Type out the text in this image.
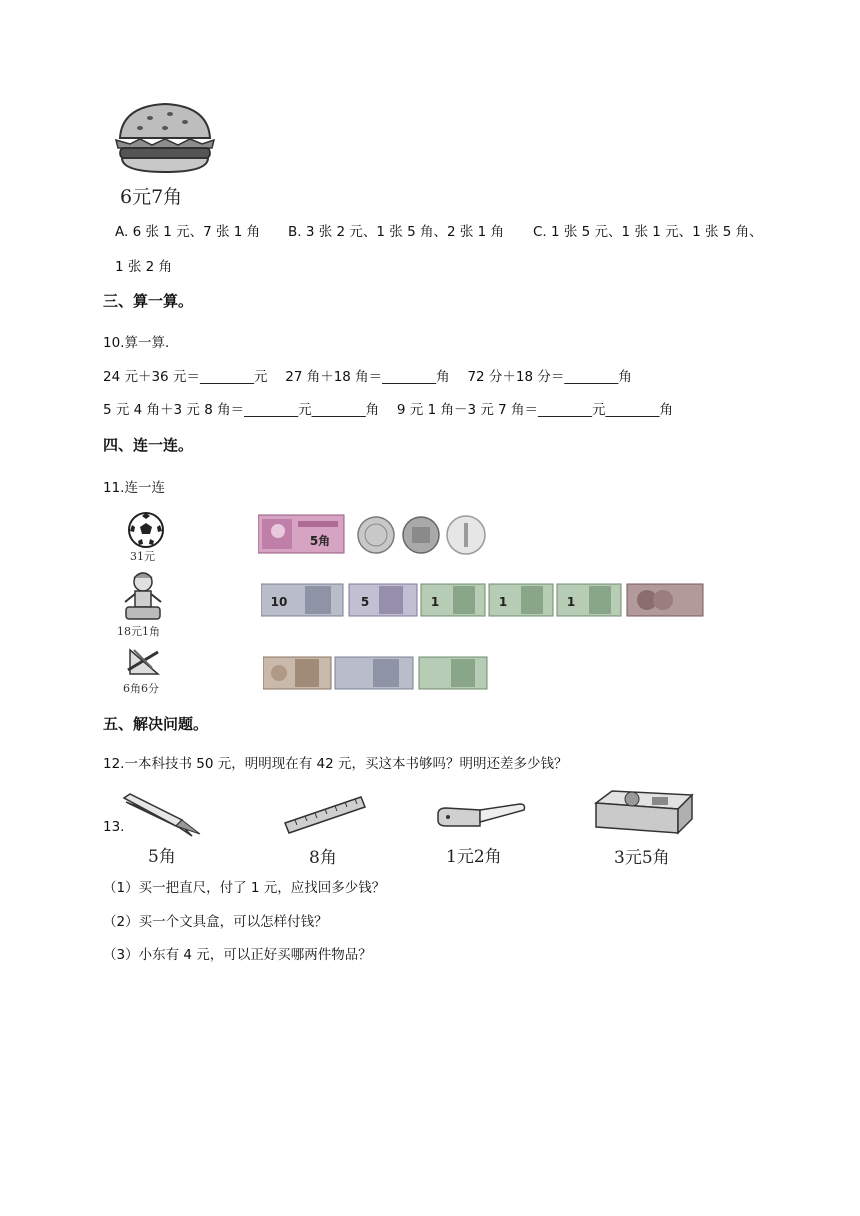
6元7角
A. 6 张 1 元、7 张 1 角 B. 3 张 2 元、1 张 5 角、2 张 1 角 C. 1 张 5 元、1 张 1 元、1 张 5 角、
1 张 2 角
三、算一算。
10.算一算.
24 元＋36 元＝________元　 27 角＋18 角＝________角　 72 分＋18 分＝________角
5 元 4 角＋3 元 8 角＝________元________角　 9 元 1 角－3 元 7 角＝________元________角
四、连一连。
11.连一连
31元
5角
18元1角
10	5	1	1	1
6角6分
五、解决问题。
12.一本科技书 50 元，明明现在有 42 元，买这本书够吗？明明还差多少钱？
13.
5角	8角	1元2角	3元5角
（1）买一把直尺，付了 1 元，应找回多少钱？
（2）买一个文具盒，可以怎样付钱？
（3）小东有 4 元，可以正好买哪两件物品？
